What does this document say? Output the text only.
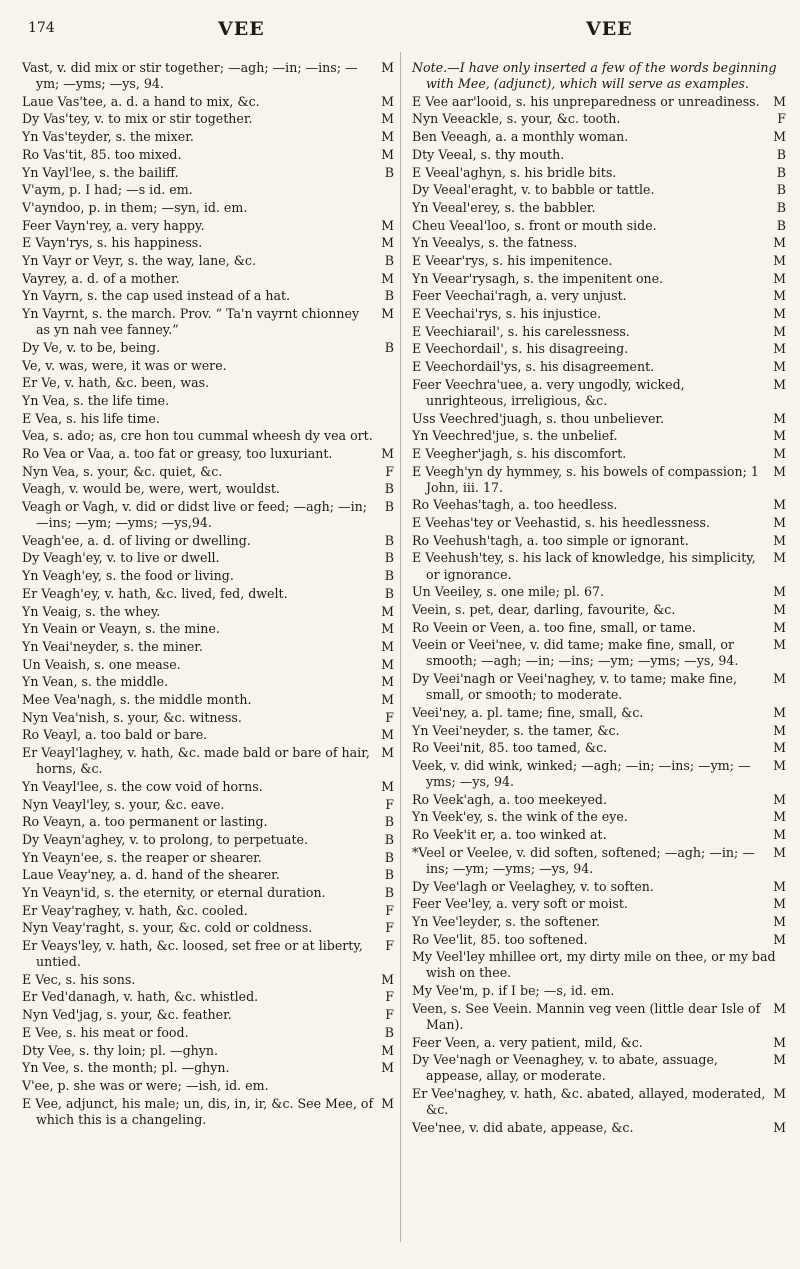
174	VEE	VEE

M
Vast, v. did mix or stir together; —agh; —in; —ins; —ym; —yms; —ys, 94.

M
Laue Vas'tee, a. d. a hand to mix, &c.

M
Dy Vas'tey, v. to mix or stir together.

M
Yn Vas'teyder, s. the mixer.

M
Ro Vas'tit, 85. too mixed.

B
Yn Vayl'lee, s. the bailiff.

V'aym, p. I had; —s id. em.

V'ayndoo, p. in them; —syn, id. em.

M
Feer Vayn'rey, a. very happy.

M
E Vayn'rys, s. his happiness.

B
Yn Vayr or Veyr, s. the way, lane, &c.

M
Vayrey, a. d. of a mother.

B
Yn Vayrn, s. the cap used instead of a hat.

M
Yn Vayrnt, s. the march. Prov. “ Ta'n vayrnt chionney as yn nah vee fanney.”

B
Dy Ve, v. to be, being.

Ve, v. was, were, it was or were.

Er Ve, v. hath, &c. been, was.

Yn Vea, s. the life time.

E Vea, s. his life time.

Vea, s. ado; as, cre hon tou cummal wheesh dy vea ort.

M
Ro Vea or Vaa, a. too fat or greasy, too luxuriant.

F
Nyn Vea, s. your, &c. quiet, &c.

B
Veagh, v. would be, were, wert, wouldst.

B
Veagh or Vagh, v. did or didst live or feed; —agh; —in; —ins; —ym; —yms; —ys,94.

B
Veagh'ee, a. d. of living or dwelling.

B
Dy Veagh'ey, v. to live or dwell.

B
Yn Veagh'ey, s. the food or living.

B
Er Veagh'ey, v. hath, &c. lived, fed, dwelt.

M
Yn Veaig, s. the whey.

M
Yn Veain or Veayn, s. the mine.

M
Yn Veai'neyder, s. the miner.

M
Un Veaish, s. one mease.

M
Yn Vean, s. the middle.

M
Mee Vea'nagh, s. the middle month.

F
Nyn Vea'nish, s. your, &c. witness.

M
Ro Veayl, a. too bald or bare.

M
Er Veayl'laghey, v. hath, &c. made bald or bare of hair, horns, &c.

M
Yn Veayl'lee, s. the cow void of horns.

F
Nyn Veayl'ley, s. your, &c. eave.

B
Ro Veayn, a. too permanent or lasting.

B
Dy Veayn'aghey, v. to prolong, to perpetuate.

B
Yn Veayn'ee, s. the reaper or shearer.

B
Laue Veay'ney, a. d. hand of the shearer.

B
Yn Veayn'id, s. the eternity, or eternal duration.

F
Er Veay'raghey, v. hath, &c. cooled.

F
Nyn Veay'raght, s. your, &c. cold or coldness.

F
Er Veays'ley, v. hath, &c. loosed, set free or at liberty, untied.

M
E Vec, s. his sons.

F
Er Ved'danagh, v. hath, &c. whistled.

F
Nyn Ved'jag, s. your, &c. feather.

B
E Vee, s. his meat or food.

M
Dty Vee, s. thy loin; pl. —ghyn.

M
Yn Vee, s. the month; pl. —ghyn.

V'ee, p. she was or were; —ish, id. em.

M
E Vee, adjunct, his male; un, dis, in, ir, &c. See Mee, of which this is a changeling.

Note.—I have only inserted a few of the words beginning with Mee, (adjunct), which will serve as examples.

M
E Vee aar'looid, s. his unpreparedness or unreadiness.

F
Nyn Veeackle, s. your, &c. tooth.

M
Ben Veeagh, a. a monthly woman.

B
Dty Veeal, s. thy mouth.

B
E Veeal'aghyn, s. his bridle bits.

B
Dy Veeal'eraght, v. to babble or tattle.

B
Yn Veeal'erey, s. the babbler.

B
Cheu Veeal'loo, s. front or mouth side.

M
Yn Veealys, s. the fatness.

M
E Veear'rys, s. his impenitence.

M
Yn Veear'rysagh, s. the impenitent one.

M
Feer Veechai'ragh, a. very unjust.

M
E Veechai'rys, s. his injustice.

M
E Veechiarail', s. his carelessness.

M
E Veechordail', s. his disagreeing.

M
E Veechordail'ys, s. his disagreement.

M
Feer Veechra'uee, a. very ungodly, wicked, unrighteous, irreligious, &c.

M
Uss Veechred'juagh, s. thou unbeliever.

M
Yn Veechred'jue, s. the unbelief.

M
E Veegher'jagh, s. his discomfort.

M
E Veegh'yn dy hymmey, s. his bowels of compassion; 1 John, iii. 17.

M
Ro Veehas'tagh, a. too heedless.

M
E Veehas'tey or Veehastid, s. his heedlessness.

M
Ro Veehush'tagh, a. too simple or ignorant.

M
E Veehush'tey, s. his lack of knowledge, his simplicity, or ignorance.

M
Un Veeiley, s. one mile; pl. 67.

M
Veein, s. pet, dear, darling, favourite, &c.

M
Ro Veein or Veen, a. too fine, small, or tame.

M
Veein or Veei'nee, v. did tame; make fine, small, or smooth; —agh; —in; —ins; —ym; —yms; —ys, 94.

M
Dy Veei'nagh or Veei'naghey, v. to tame; make fine, small, or smooth; to moderate.

M
Veei'ney, a. pl. tame; fine, small, &c.

M
Yn Veei'neyder, s. the tamer, &c.

M
Ro Veei'nit, 85. too tamed, &c.

M
Veek, v. did wink, winked; —agh; —in; —ins; —ym; —yms; —ys, 94.

M
Ro Veek'agh, a. too meekeyed.

M
Yn Veek'ey, s. the wink of the eye.

M
Ro Veek'it er, a. too winked at.

M
*Veel or Veelee, v. did soften, softened; —agh; —in; —ins; —ym; —yms; —ys, 94.

M
Dy Vee'lagh or Veelaghey, v. to soften.

M
Feer Vee'ley, a. very soft or moist.

M
Yn Vee'leyder, s. the softener.

M
Ro Vee'lit, 85. too softened.

My Veel'ley mhillee ort, my dirty mile on thee, or my bad wish on thee.

My Vee'm, p. if I be; —s, id. em.

M
Veen, s. See Veein. Mannin veg veen (little dear Isle of Man).

M
Feer Veen, a. very patient, mild, &c.

M
Dy Vee'nagh or Veenaghey, v. to abate, assuage, appease, allay, or moderate.

M
Er Vee'naghey, v. hath, &c. abated, allayed, moderated, &c.

M
Vee'nee, v. did abate, appease, &c.
